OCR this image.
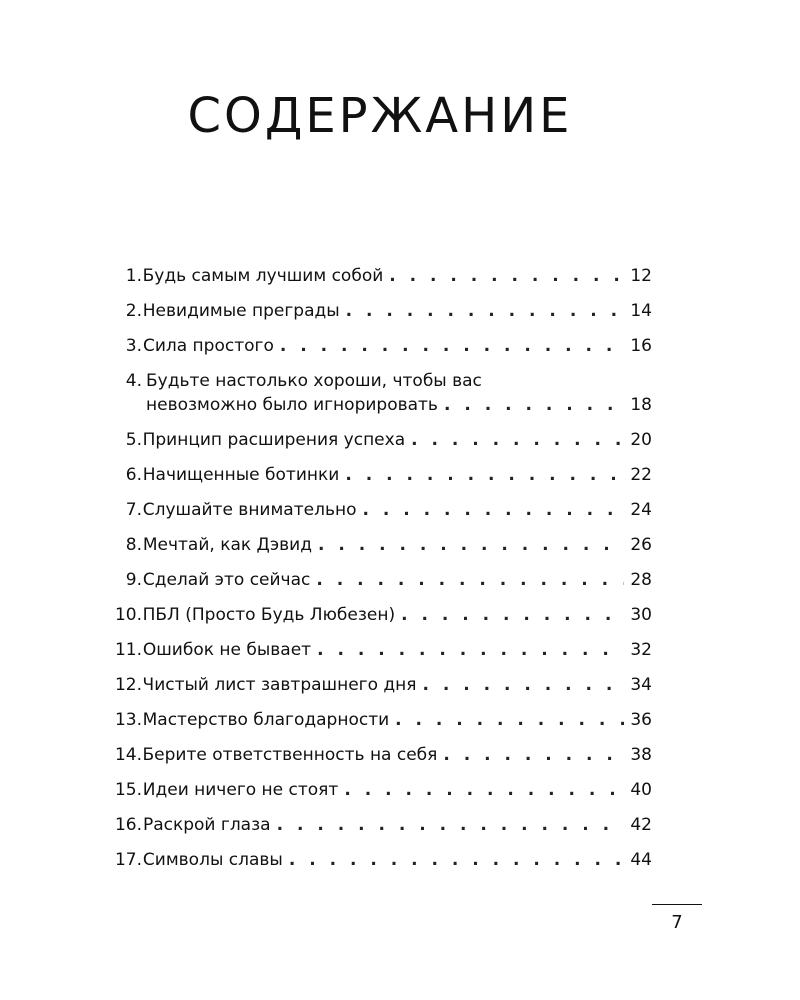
СОДЕРЖАНИЕ
1. Будь самым лучшим собой . . .	12
2. Невидимые преграды . . .	14
3. Сила простого . . .	16
4. Будьте настолько хороши, чтобы вас
невозможно было игнорировать . . .	18
5. Принцип расширения успеха . . .	20
6. Начищенные ботинки . . .	22
7. Слушайте внимательно . . .	24
8. Мечтай, как Дэвид . . .	26
9. Сделай это сейчас . . .	28
10. ПБЛ (Просто Будь Любезен) . . .	30
11. Ошибок не бывает . . .	32
12. Чистый лист завтрашнего дня . . .	34
13. Мастерство благодарности . . .	36
14. Берите ответственность на себя . . .	38
15. Идеи ничего не стоят . . .	40
16. Раскрой глаза . . .	42
17. Символы славы . . .	44
7
